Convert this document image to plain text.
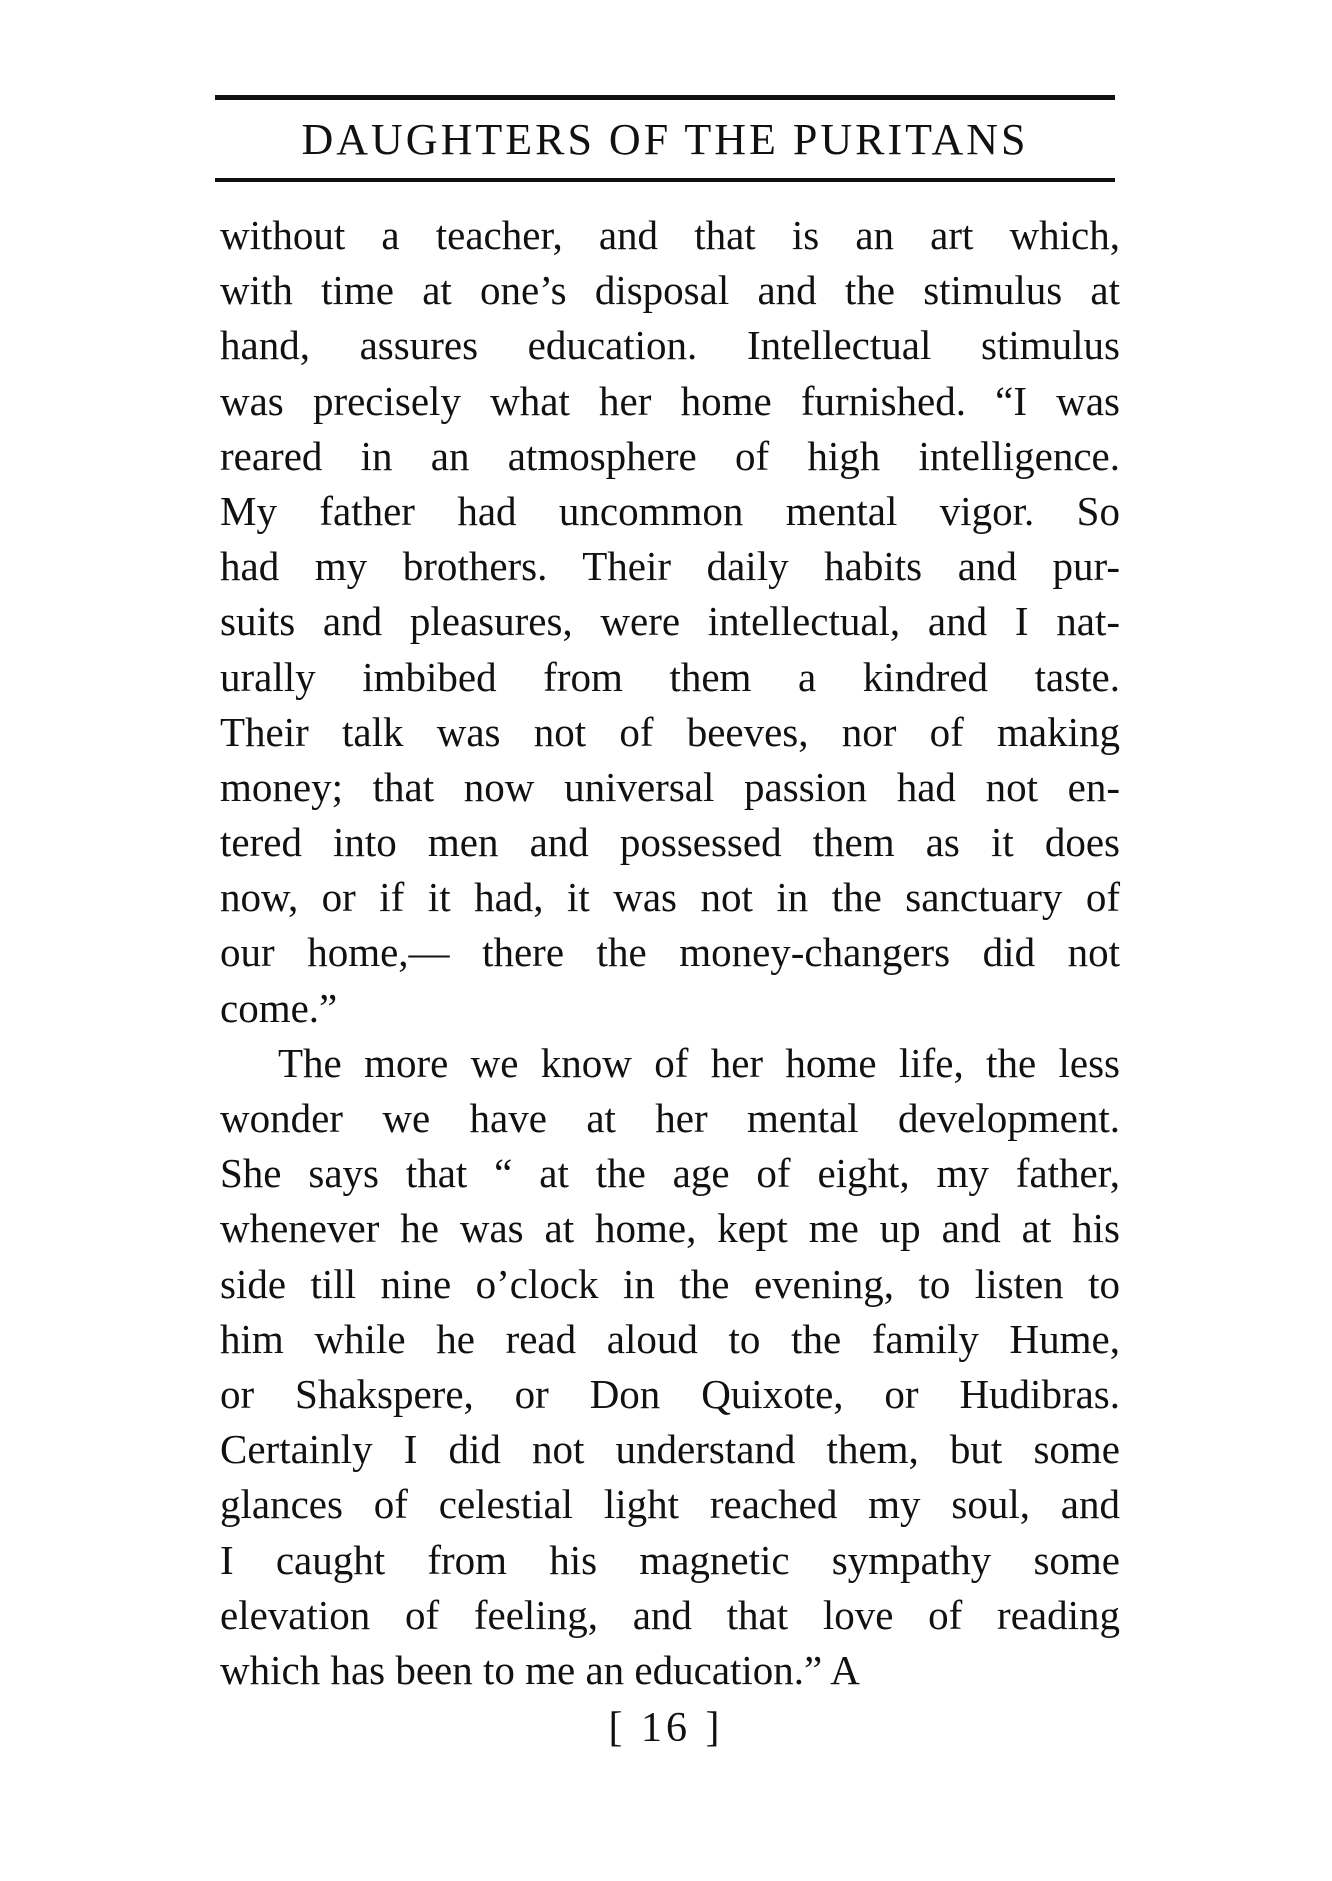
DAUGHTERS OF THE PURITANS
without a teacher, and that is an art which,
with time at one’s disposal and the stimulus at
hand, assures education. Intellectual stimulus
was precisely what her home furnished. “I was
reared in an atmosphere of high intelligence.
My father had uncommon mental vigor. So
had my brothers. Their daily habits and pur-
suits and pleasures, were intellectual, and I nat-
urally imbibed from them a kindred taste.
Their talk was not of beeves, nor of making
money; that now universal passion had not en-
tered into men and possessed them as it does
now, or if it had, it was not in the sanctuary of
our home,— there the money-changers did not
come.”
The more we know of her home life, the less
wonder we have at her mental development.
She says that “ at the age of eight, my father,
whenever he was at home, kept me up and at his
side till nine o’clock in the evening, to listen to
him while he read aloud to the family Hume,
or Shakspere, or Don Quixote, or Hudibras.
Certainly I did not understand them, but some
glances of celestial light reached my soul, and
I caught from his magnetic sympathy some
elevation of feeling, and that love of reading
which has been to me an education.” A
[ 16 ]
